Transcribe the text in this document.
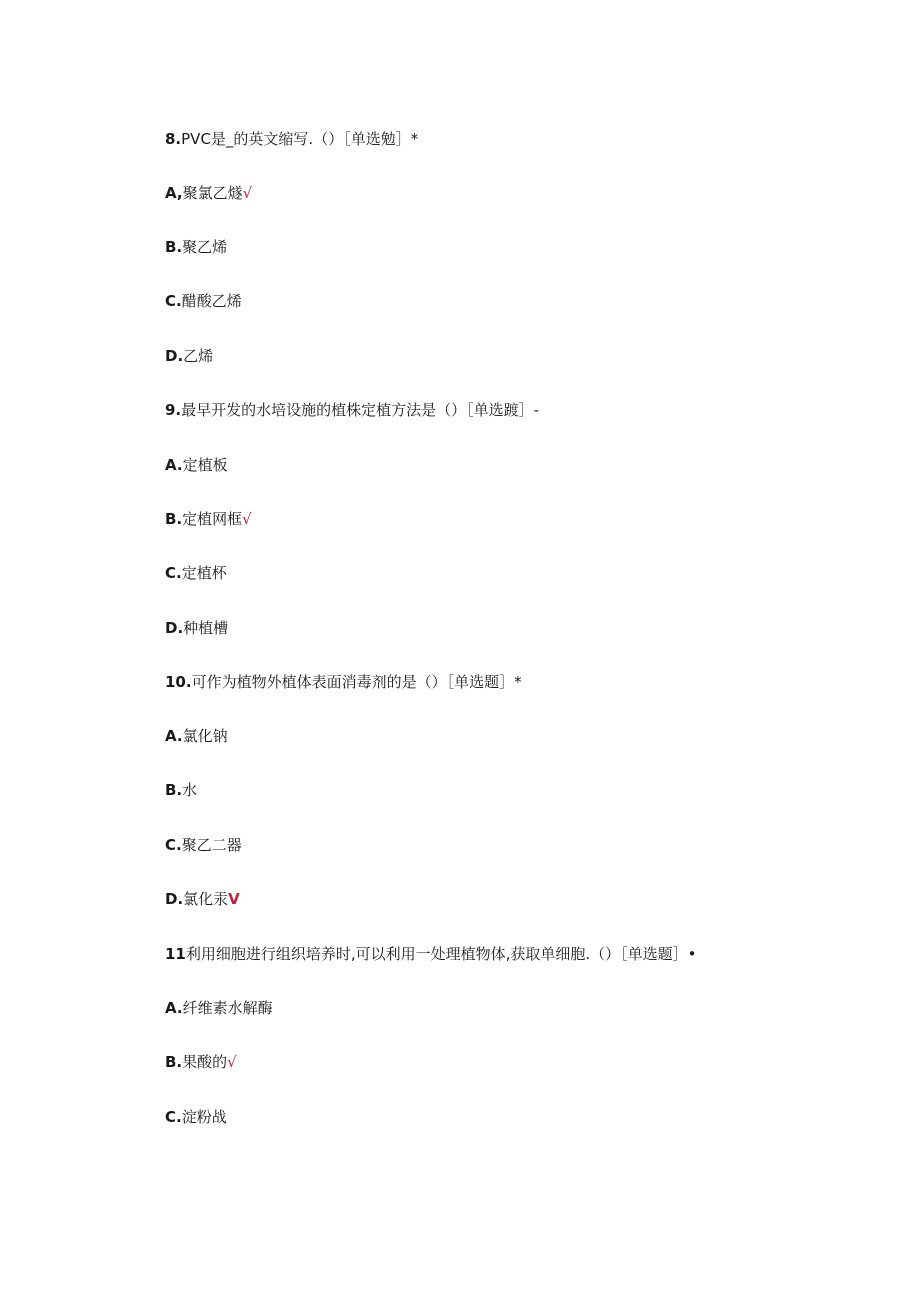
8.PVC是_的英文缩写.（）［单选勉］*
A,聚氯乙燧√
B.聚乙烯
C.醋酸乙烯
D.乙烯
9.最早开发的水培设施的植株定植方法是（）［单选踱］-
A.定植板
B.定植网框√
C.定植杯
D.种植槽
10.可作为植物外植体表面消毒剂的是（）［单选题］*
A.氯化钠
B.水
C.聚乙二器
D.氯化汞V
11利用细胞进行组织培养时,可以利用一处理植物体,获取单细胞.（）［单选题］•
A.纤维素水解酶
B.果酸的√
C.淀粉战
